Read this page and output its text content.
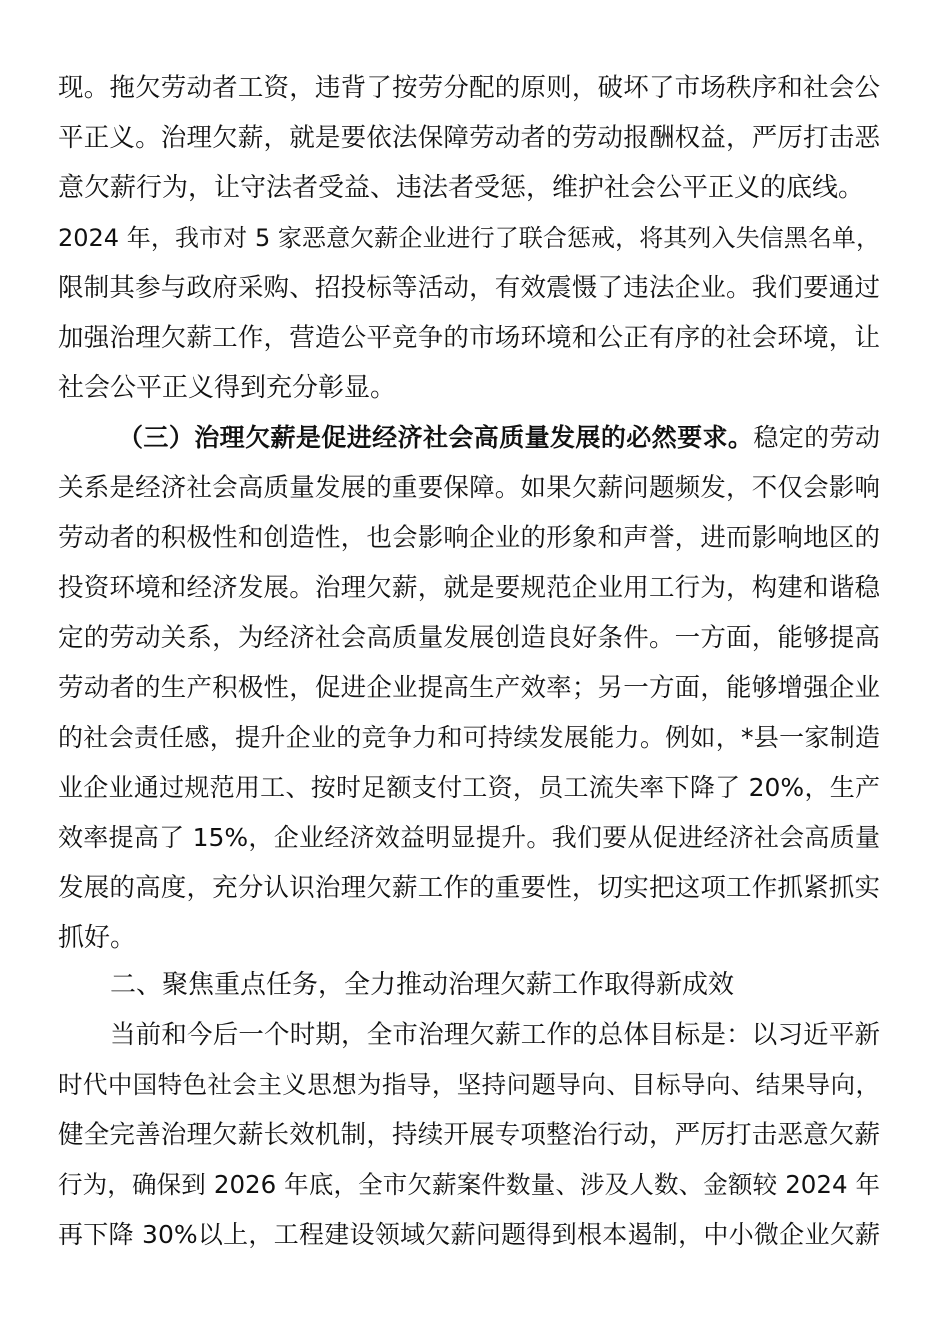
现。拖欠劳动者工资，违背了按劳分配的原则，破坏了市场秩序和社会公
平正义。治理欠薪，就是要依法保障劳动者的劳动报酬权益，严厉打击恶
意欠薪行为，让守法者受益、违法者受惩，维护社会公平正义的底线。
2024 年，我市对 5 家恶意欠薪企业进行了联合惩戒，将其列入失信黑名单，
限制其参与政府采购、招投标等活动，有效震慑了违法企业。我们要通过
加强治理欠薪工作，营造公平竞争的市场环境和公正有序的社会环境，让
社会公平正义得到充分彰显。
（三）治理欠薪是促进经济社会高质量发展的必然要求。稳定的劳动
关系是经济社会高质量发展的重要保障。如果欠薪问题频发，不仅会影响
劳动者的积极性和创造性，也会影响企业的形象和声誉，进而影响地区的
投资环境和经济发展。治理欠薪，就是要规范企业用工行为，构建和谐稳
定的劳动关系，为经济社会高质量发展创造良好条件。一方面，能够提高
劳动者的生产积极性，促进企业提高生产效率；另一方面，能够增强企业
的社会责任感，提升企业的竞争力和可持续发展能力。例如，*县一家制造
业企业通过规范用工、按时足额支付工资，员工流失率下降了 20%，生产
效率提高了 15%，企业经济效益明显提升。我们要从促进经济社会高质量
发展的高度，充分认识治理欠薪工作的重要性，切实把这项工作抓紧抓实
抓好。
二、聚焦重点任务，全力推动治理欠薪工作取得新成效
当前和今后一个时期，全市治理欠薪工作的总体目标是：以习近平新
时代中国特色社会主义思想为指导，坚持问题导向、目标导向、结果导向，
健全完善治理欠薪长效机制，持续开展专项整治行动，严厉打击恶意欠薪
行为，确保到 2026 年底，全市欠薪案件数量、涉及人数、金额较 2024 年
再下降 30%以上，工程建设领域欠薪问题得到根本遏制，中小微企业欠薪
